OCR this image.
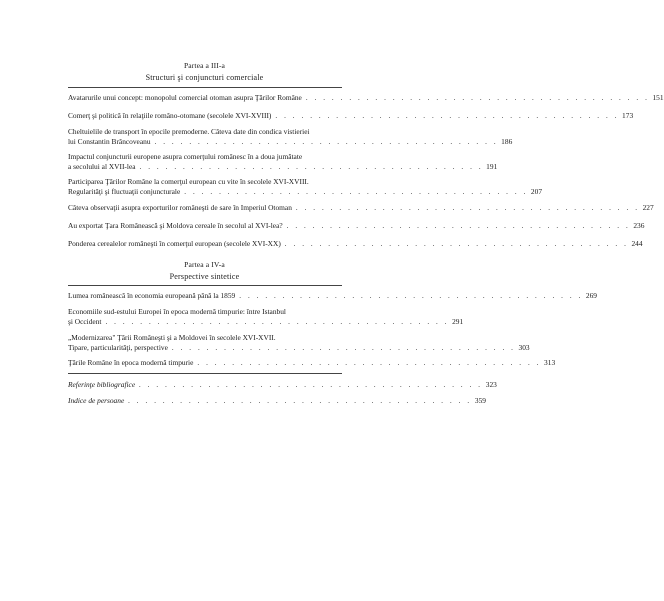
Partea a III-a
Structuri şi conjuncturi comerciale
Avatarurile unui concept: monopolul comercial otoman asupra Ţărilor Române . . . . . . . . . . . . . . . . . . . . . . . . . . . . . . . . . . . . . . . . 151
Comerţ şi politică în relaţiile româno-otomane (secolele XVI-XVIII) . . . . . . . . . . . . . . . . . . . . . . . . . . . . . . . . . . . . . . . . 173
Cheltuielile de transport în epocile premoderne. Câteva date din condica vistieriei
lui Constantin Brâncoveanu . . . . . . . . . . . . . . . . . . . . . . . . . . . . . . . . . . . . . . . . 186
Impactul conjuncturii europene asupra comerţului românesc în a doua jumătate
a secolului al XVII-lea . . . . . . . . . . . . . . . . . . . . . . . . . . . . . . . . . . . . . . . . 191
Participarea Ţărilor Române la comerţul european cu vite în secolele XVI-XVIII.
Regularităţi şi fluctuaţii conjuncturale . . . . . . . . . . . . . . . . . . . . . . . . . . . . . . . . . . . . . . . . 207
Câteva observaţii asupra exporturilor româneşti de sare în Imperiul Otoman . . . . . . . . . . . . . . . . . . . . . . . . . . . . . . . . . . . . . . . . 227
Au exportat Ţara Românească şi Moldova cereale în secolul al XVI-lea? . . . . . . . . . . . . . . . . . . . . . . . . . . . . . . . . . . . . . . . . 236
Ponderea cerealelor româneşti în comerţul european (secolele XVI-XX) . . . . . . . . . . . . . . . . . . . . . . . . . . . . . . . . . . . . . . . . 244
Partea a IV-a
Perspective sintetice
Lumea românească în economia europeană până la 1859 . . . . . . . . . . . . . . . . . . . . . . . . . . . . . . . . . . . . . . . . 269
Economiile sud-estului Europei în epoca modernă timpurie: între Istanbul
şi Occident . . . . . . . . . . . . . . . . . . . . . . . . . . . . . . . . . . . . . . . . 291
„Modernizarea" Ţării Româneşti şi a Moldovei în secolele XVI-XVII.
Tipare, particularităţi, perspective . . . . . . . . . . . . . . . . . . . . . . . . . . . . . . . . . . . . . . . . 303
Ţările Române în epoca modernă timpurie . . . . . . . . . . . . . . . . . . . . . . . . . . . . . . . . . . . . . . . . 313
Referinţe bibliografice . . . . . . . . . . . . . . . . . . . . . . . . . . . . . . . . . . . . . . . . 323
Indice de persoane . . . . . . . . . . . . . . . . . . . . . . . . . . . . . . . . . . . . . . . . 359
